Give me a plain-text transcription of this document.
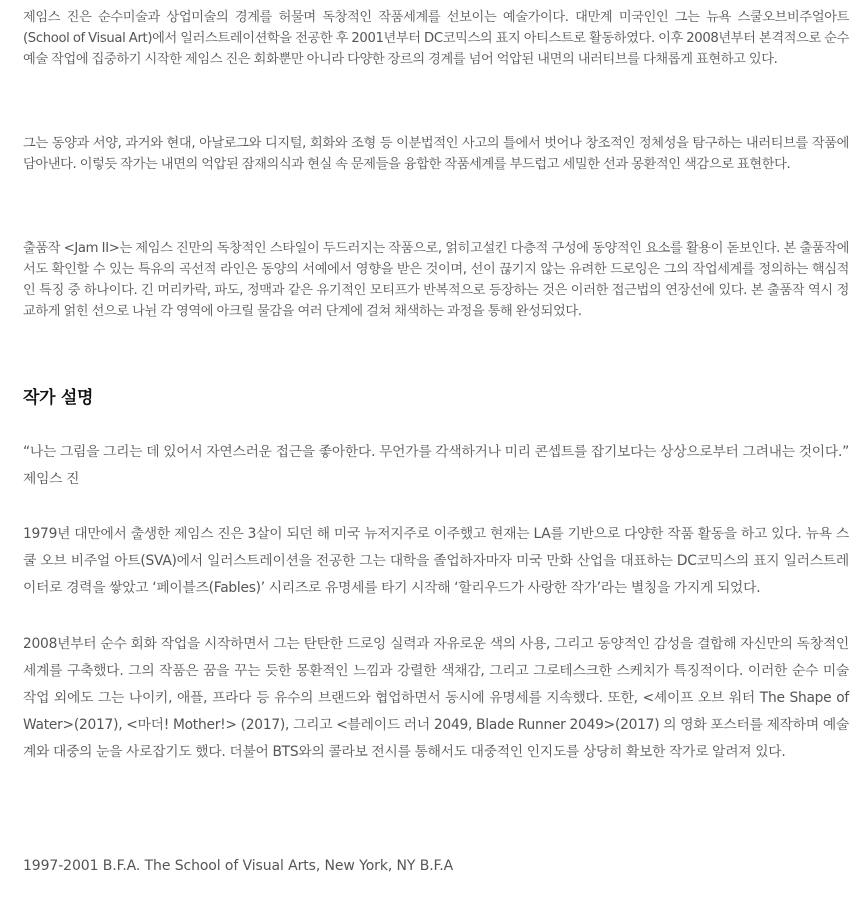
제임스 진은 순수미술과 상업미술의 경계를 허물며 독창적인 작품세계를 선보이는 예술가이다. 대만계 미국인인 그는 뉴욕 스쿨오브비주얼아트(School of Visual Art)에서 일러스트레이션학을 전공한 후 2001년부터 DC코믹스의 표지 아티스트로 활동하였다. 이후 2008년부터 본격적으로 순수예술 작업에 집중하기 시작한 제임스 진은 회화뿐만 아니라 다양한 장르의 경계를 넘어 억압된 내면의 내러티브를 다채롭게 표현하고 있다.

그는 동양과 서양, 과거와 현대, 아날로그와 디지털, 회화와 조형 등 이분법적인 사고의 틀에서 벗어나 창조적인 정체성을 탐구하는 내러티브를 작품에 담아낸다. 이렇듯 작가는 내면의 억압된 잠재의식과 현실 속 문제들을 융합한 작품세계를 부드럽고 세밀한 선과 몽환적인 색감으로 표현한다.

출품작 <Jam II>는 제임스 진만의 독창적인 스타일이 두드러지는 작품으로, 얽히고설킨 다층적 구성에 동양적인 요소를 활용이 돋보인다. 본 출품작에서도 확인할 수 있는 특유의 곡선적 라인은 동양의 서예에서 영향을 받은 것이며, 선이 끊기지 않는 유려한 드로잉은 그의 작업세계를 정의하는 핵심적인 특징 중 하나이다. 긴 머리카락, 파도, 정맥과 같은 유기적인 모티프가 반복적으로 등장하는 것은 이러한 접근법의 연장선에 있다. 본 출품작 역시 정교하게 얽힌 선으로 나뉜 각 영역에 아크릴 물감을 여러 단계에 걸쳐 채색하는 과정을 통해 완성되었다.

작가 설명

“나는 그림을 그리는 데 있어서 자연스러운 접근을 좋아한다. 무언가를 각색하거나 미리 콘셉트를 잡기보다는 상상으로부터 그려내는 것이다.” 제임스 진

1979년 대만에서 출생한 제임스 진은 3살이 되던 해 미국 뉴저지주로 이주했고 현재는 LA를 기반으로 다양한 작품 활동을 하고 있다. 뉴욕 스쿨 오브 비주얼 아트(SVA)에서 일러스트레이션을 전공한 그는 대학을 졸업하자마자 미국 만화 산업을 대표하는 DC코믹스의 표지 일러스트레이터로 경력을 쌓았고 ‘페이블즈(Fables)’ 시리즈로 유명세를 타기 시작해 ‘할리우드가 사랑한 작가’라는 별칭을 가지게 되었다.

2008년부터 순수 회화 작업을 시작하면서 그는 탄탄한 드로잉 실력과 자유로운 색의 사용, 그리고 동양적인 감성을 결합해 자신만의 독창적인 세계를 구축했다. 그의 작품은 꿈을 꾸는 듯한 몽환적인 느낌과 강렬한 색채감, 그리고 그로테스크한 스케치가 특징적이다. 이러한 순수 미술 작업 외에도 그는 나이키, 애플, 프라다 등 유수의 브랜드와 협업하면서 동시에 유명세를 지속했다. 또한, <셰이프 오브 워터 The Shape of Water>(2017), <마더! Mother!> (2017), 그리고 <블레이드 러너 2049, Blade Runner 2049>(2017) 의 영화 포스터를 제작하며 예술계와 대중의 눈을 사로잡기도 했다. 더불어 BTS와의 콜라보 전시를 통해서도 대중적인 인지도를 상당히 확보한 작가로 알려져 있다.

1997-2001 B.F.A. The School of Visual Arts, New York, NY B.F.A
